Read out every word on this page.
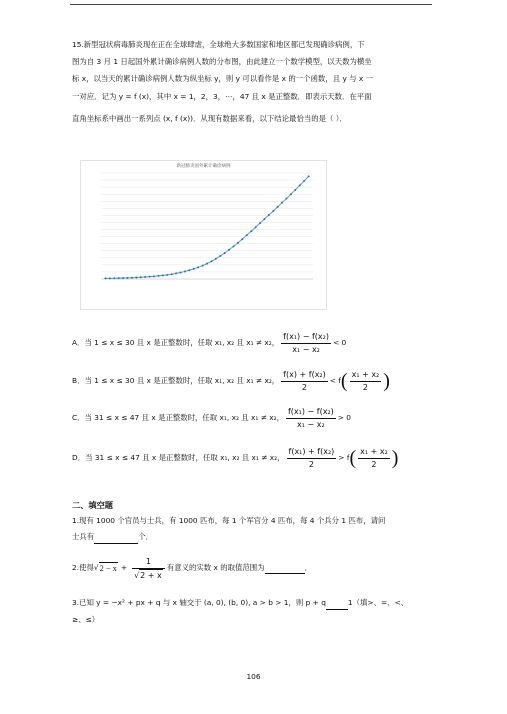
15.新型冠状病毒肺炎现在正在全球肆虐，全球绝大多数国家和地区都已发现确诊病例，下
图为自 3 月 1 日起国外累计确诊病例人数的分布图，由此建立一个数学模型，以天数为横坐
标 x，以当天的累计确诊病例人数为纵坐标 y，则 y 可以看作是 x 的一个函数，且 y 与 x 一
一对应．记为 y = f (x)，其中 x = 1，2，3，⋯，47 且 x 是正整数．即表示天数．在平面
直角坐标系中画出一系列点 (x, f (x))．从现有数据来看，以下结论最恰当的是（ ）．
新冠肺炎国外累计确诊病例
A．当 1 ≤ x ≤ 30 且 x 是正整数时，任取 x₁, x₂ 且 x₁ ≠ x₂， $\frac{\text{f(x₁) − f(x₂)}}{\text{x₁ − x₂}} < 0$
B．当 1 ≤ x ≤ 30 且 x 是正整数时，任取 x₁, x₂ 且 x₁ ≠ x₂， $\frac{\text{f(x) + f(x₂)}}{2} < f$ ( $\frac{\text{x₁ + x₂}}{2}$ )
C．当 31 ≤ x ≤ 47 且 x 是正整数时，任取 x₁, x₂ 且 x₁ ≠ x₂， $\frac{\text{f(x₁) − f(x₂)}}{\text{x₁ − x₂}} > 0$
D．当 31 ≤ x ≤ 47 且 x 是正整数时，任取 x₁, x₂ 且 x₁ ≠ x₂， $\frac{\text{f(x₁) + f(x₂)}}{2} > f$ ( $\frac{\text{x₁ + x₂}}{2}$ )
二、填空题
1.现有 1000 个官员与士兵，有 1000 匹布，每 1 个军官分 4 匹布，每 4 个兵分 1 匹布，请问
士兵有	个．
2.使得 √ $2 - x + \frac{1}{√2 + x}$ 有意义的实数 x 的取值范围为
	．
3.已知 y = −x² + px + q 与 x 轴交于 (a, 0), (b, 0), a > b > 1，则 p + q	1（填>、=、<、
≥、≤）
106
